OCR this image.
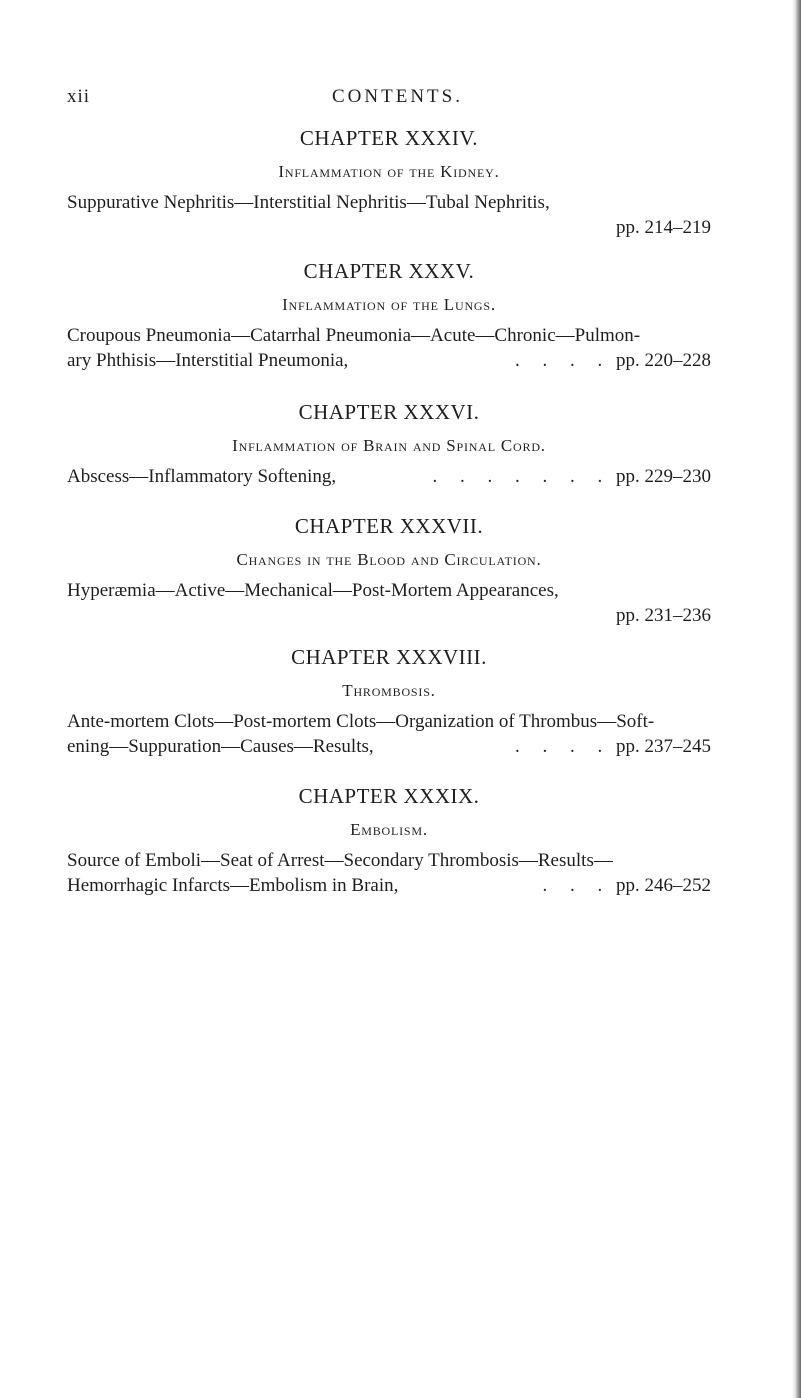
xii	CONTENTS.

CHAPTER XXXIV.

Inflammation of the Kidney.

Suppurative Nephritis—Interstitial Nephritis—Tubal Nephritis,
pp. 214–219

CHAPTER XXXV.

Inflammation of the Lungs.

Croupous Pneumonia—Catarrhal Pneumonia—Acute—Chronic—Pulmon-
ary Phthisis—Interstitial Pneumonia,	. . . . pp. 220–228

CHAPTER XXXVI.

Inflammation of Brain and Spinal Cord.

Abscess—Inflammatory Softening,	. . . . . . . pp. 229–230

CHAPTER XXXVII.

Changes in the Blood and Circulation.

Hyperæmia—Active—Mechanical—Post-Mortem Appearances,
pp. 231–236

CHAPTER XXXVIII.

Thrombosis.

Ante-mortem Clots—Post-mortem Clots—Organization of Thrombus—Soft-
ening—Suppuration—Causes—Results,	. . . . pp. 237–245

CHAPTER XXXIX.

Embolism.

Source of Emboli—Seat of Arrest—Secondary Thrombosis—Results—
Hemorrhagic Infarcts—Embolism in Brain,	. . . pp. 246–252
